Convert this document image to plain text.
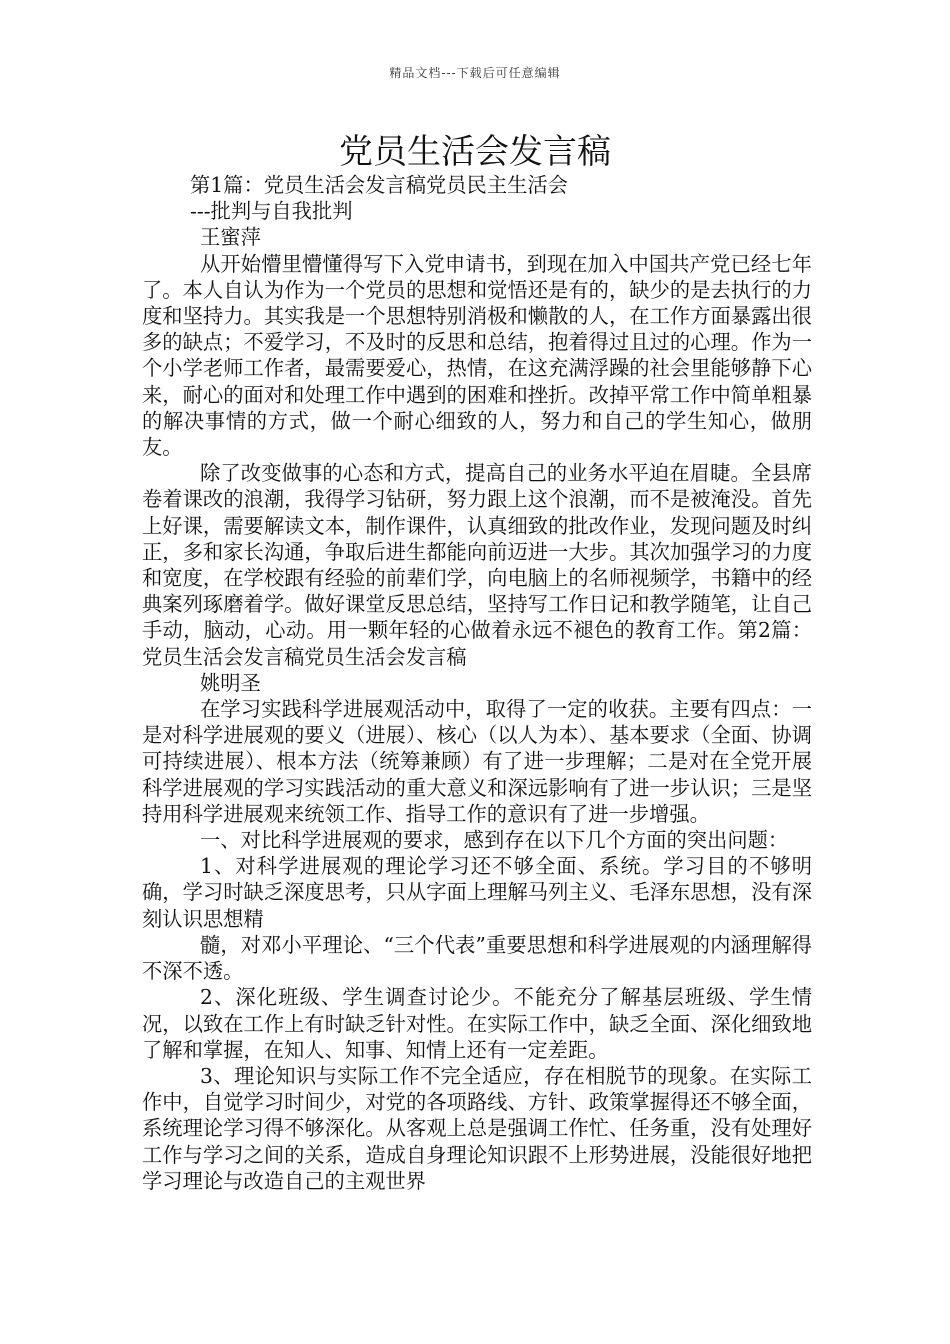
精品文档---下载后可任意编辑
党员生活会发言稿
第1篇：党员生活会发言稿党员民主生活会
---批判与自我批判
王蜜萍
从开始懵里懵懂得写下入党申请书，到现在加入中国共产党已经七年了。本人自认为作为一个党员的思想和觉悟还是有的，缺少的是去执行的力度和坚持力。其实我是一个思想特别消极和懒散的人，在工作方面暴露出很多的缺点；不爱学习，不及时的反思和总结，抱着得过且过的心理。作为一个小学老师工作者，最需要爱心，热情，在这充满浮躁的社会里能够静下心来，耐心的面对和处理工作中遇到的困难和挫折。改掉平常工作中简单粗暴的解决事情的方式，做一个耐心细致的人，努力和自己的学生知心，做朋友。
除了改变做事的心态和方式，提高自己的业务水平迫在眉睫。全县席卷着课改的浪潮，我得学习钻研，努力跟上这个浪潮，而不是被淹没。首先上好课，需要解读文本，制作课件，认真细致的批改作业，发现问题及时纠正，多和家长沟通，争取后进生都能向前迈进一大步。其次加强学习的力度和宽度，在学校跟有经验的前辈们学，向电脑上的名师视频学，书籍中的经典案列琢磨着学。做好课堂反思总结，坚持写工作日记和教学随笔，让自己手动，脑动，心动。用一颗年轻的心做着永远不褪色的教育工作。第2篇：党员生活会发言稿党员生活会发言稿
姚明圣
在学习实践科学进展观活动中，取得了一定的收获。主要有四点：一是对科学进展观的要义（进展）、核心（以人为本）、基本要求（全面、协调可持续进展）、根本方法（统筹兼顾）有了进一步理解；二是对在全党开展科学进展观的学习实践活动的重大意义和深远影响有了进一步认识；三是坚持用科学进展观来统领工作、指导工作的意识有了进一步增强。
一、对比科学进展观的要求，感到存在以下几个方面的突出问题：
1、对科学进展观的理论学习还不够全面、系统。学习目的不够明确，学习时缺乏深度思考，只从字面上理解马列主义、毛泽东思想，没有深刻认识思想精
髓，对邓小平理论、“三个代表”重要思想和科学进展观的内涵理解得不深不透。
2、深化班级、学生调查讨论少。不能充分了解基层班级、学生情况，以致在工作上有时缺乏针对性。在实际工作中，缺乏全面、深化细致地了解和掌握，在知人、知事、知情上还有一定差距。
3、理论知识与实际工作不完全适应，存在相脱节的现象。在实际工作中，自觉学习时间少，对党的各项路线、方针、政策掌握得还不够全面，系统理论学习得不够深化。从客观上总是强调工作忙、任务重，没有处理好工作与学习之间的关系，造成自身理论知识跟不上形势进展，没能很好地把学习理论与改造自己的主观世界
